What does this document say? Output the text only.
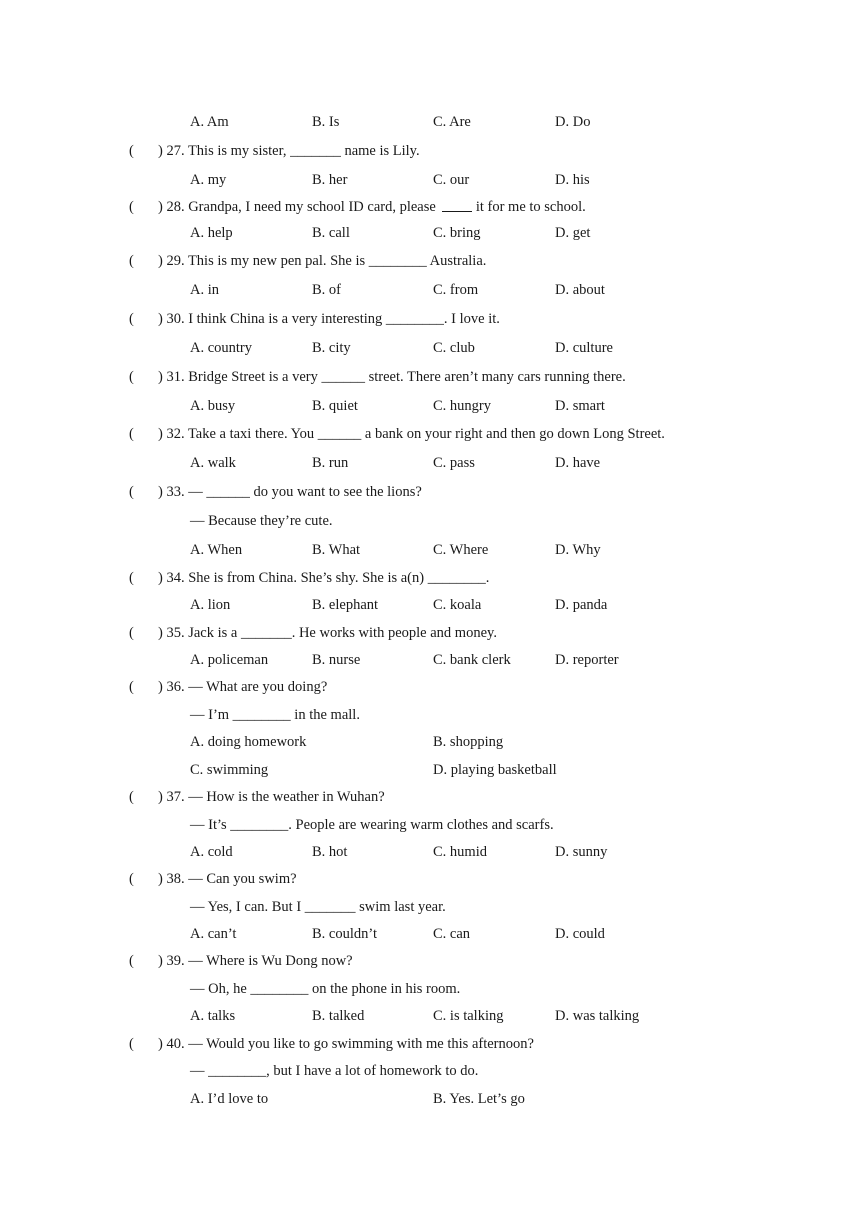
A. Am	B. Is	C. Are	D. Do
( ) 27. This is my sister, _______ name is Lily.
A. my	B. her	C. our	D. his
( ) 28. Grandpa, I need my school ID card, please	it for me to school.
A. help	B. call	C. bring	D. get
( ) 29. This is my new pen pal. She is ________ Australia.
A. in	B. of	C. from	D. about
( ) 30. I think China is a very interesting ________. I love it.
A. country	B. city	C. club	D. culture
( ) 31. Bridge Street is a very ______ street. There aren’t many cars running there.
A. busy	B. quiet	C. hungry	D. smart
( ) 32. Take a taxi there. You ______ a bank on your right and then go down Long Street.
A. walk	B. run	C. pass	D. have
( ) 33. — ______ do you want to see the lions?
— Because they’re cute.
A. When	B. What	C. Where	D. Why
( ) 34. She is from China. She’s shy. She is a(n) ________.
A. lion	B. elephant	C. koala	D. panda
( ) 35. Jack is a _______. He works with people and money.
A. policeman	B. nurse	C. bank clerk	D. reporter
( ) 36. — What are you doing?
— I’m ________ in the mall.
A. doing homework	B. shopping
C. swimming	D. playing basketball
( ) 37. — How is the weather in Wuhan?
— It’s ________. People are wearing warm clothes and scarfs.
A. cold	B. hot	C. humid	D. sunny
( ) 38. — Can you swim?
— Yes, I can. But I _______ swim last year.
A. can’t	B. couldn’t	C. can	D. could
( ) 39. — Where is Wu Dong now?
— Oh, he ________ on the phone in his room.
A. talks	B. talked	C. is talking	D. was talking
( ) 40. — Would you like to go swimming with me this afternoon?
— ________, but I have a lot of homework to do.
A. I’d love to	B. Yes. Let’s go
